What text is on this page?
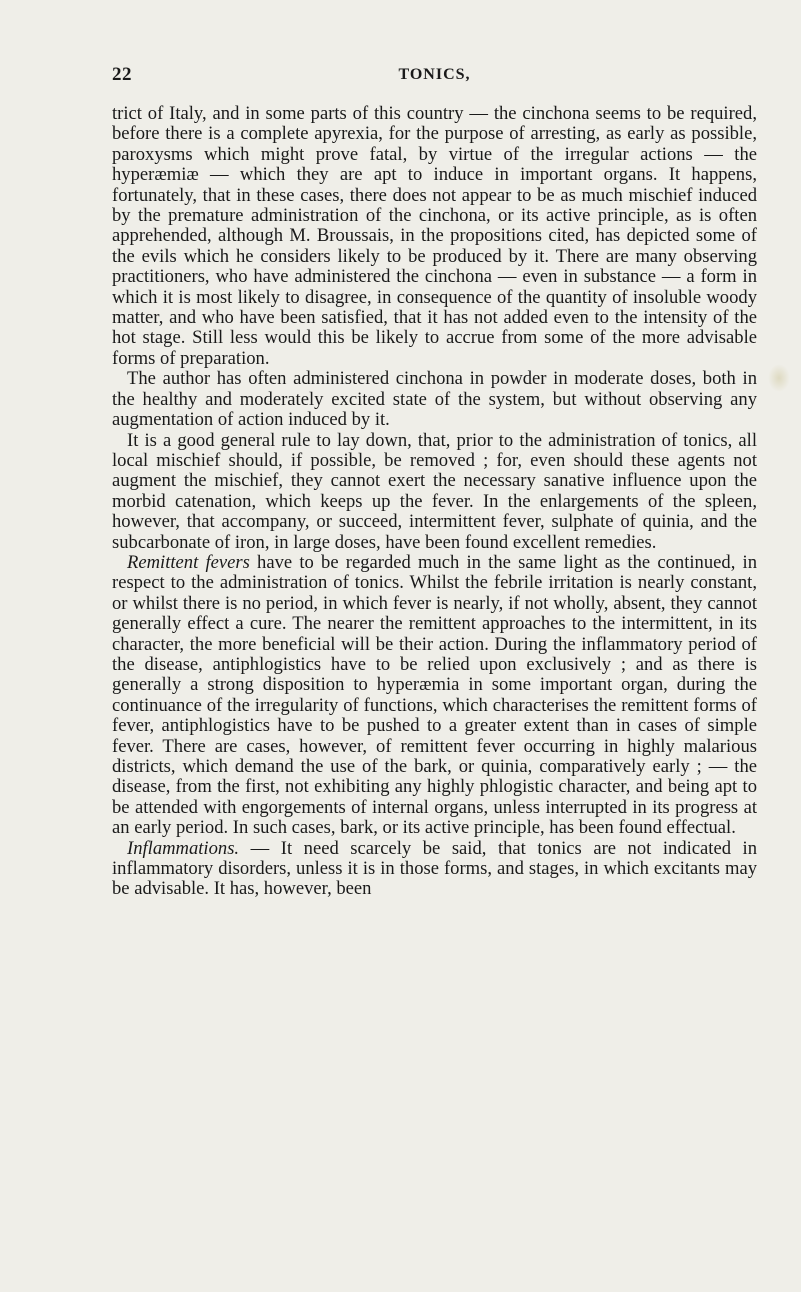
22	TONICS,

trict of Italy, and in some parts of this country — the cinchona seems to be required, before there is a complete apyrexia, for the purpose of arresting, as early as possible, paroxysms which might prove fatal, by virtue of the irregular actions — the hyperæmiæ — which they are apt to induce in important organs. It happens, fortunately, that in these cases, there does not appear to be as much mischief induced by the premature administration of the cinchona, or its active principle, as is often apprehended, although M. Broussais, in the propositions cited, has depicted some of the evils which he considers likely to be produced by it. There are many observing practitioners, who have administered the cinchona — even in substance — a form in which it is most likely to disagree, in consequence of the quantity of insoluble woody matter, and who have been satisfied, that it has not added even to the intensity of the hot stage. Still less would this be likely to accrue from some of the more advisable forms of preparation.

The author has often administered cinchona in powder in moderate doses, both in the healthy and moderately excited state of the system, but without observing any augmentation of action induced by it.

It is a good general rule to lay down, that, prior to the administration of tonics, all local mischief should, if possible, be removed ; for, even should these agents not augment the mischief, they cannot exert the necessary sanative influence upon the morbid catenation, which keeps up the fever. In the enlargements of the spleen, however, that accompany, or succeed, intermittent fever, sulphate of quinia, and the subcarbonate of iron, in large doses, have been found excellent remedies.

Remittent fevers have to be regarded much in the same light as the continued, in respect to the administration of tonics. Whilst the febrile irritation is nearly constant, or whilst there is no period, in which fever is nearly, if not wholly, absent, they cannot generally effect a cure. The nearer the remittent approaches to the intermittent, in its character, the more beneficial will be their action. During the inflammatory period of the disease, antiphlogistics have to be relied upon exclusively ; and as there is generally a strong disposition to hyperæmia in some important organ, during the continuance of the irregularity of functions, which characterises the remittent forms of fever, antiphlogistics have to be pushed to a greater extent than in cases of simple fever. There are cases, however, of remittent fever occurring in highly malarious districts, which demand the use of the bark, or quinia, comparatively early ; — the disease, from the first, not exhibiting any highly phlogistic character, and being apt to be attended with engorgements of internal organs, unless interrupted in its progress at an early period. In such cases, bark, or its active principle, has been found effectual.

Inflammations. — It need scarcely be said, that tonics are not indicated in inflammatory disorders, unless it is in those forms, and stages, in which excitants may be advisable. It has, however, been
